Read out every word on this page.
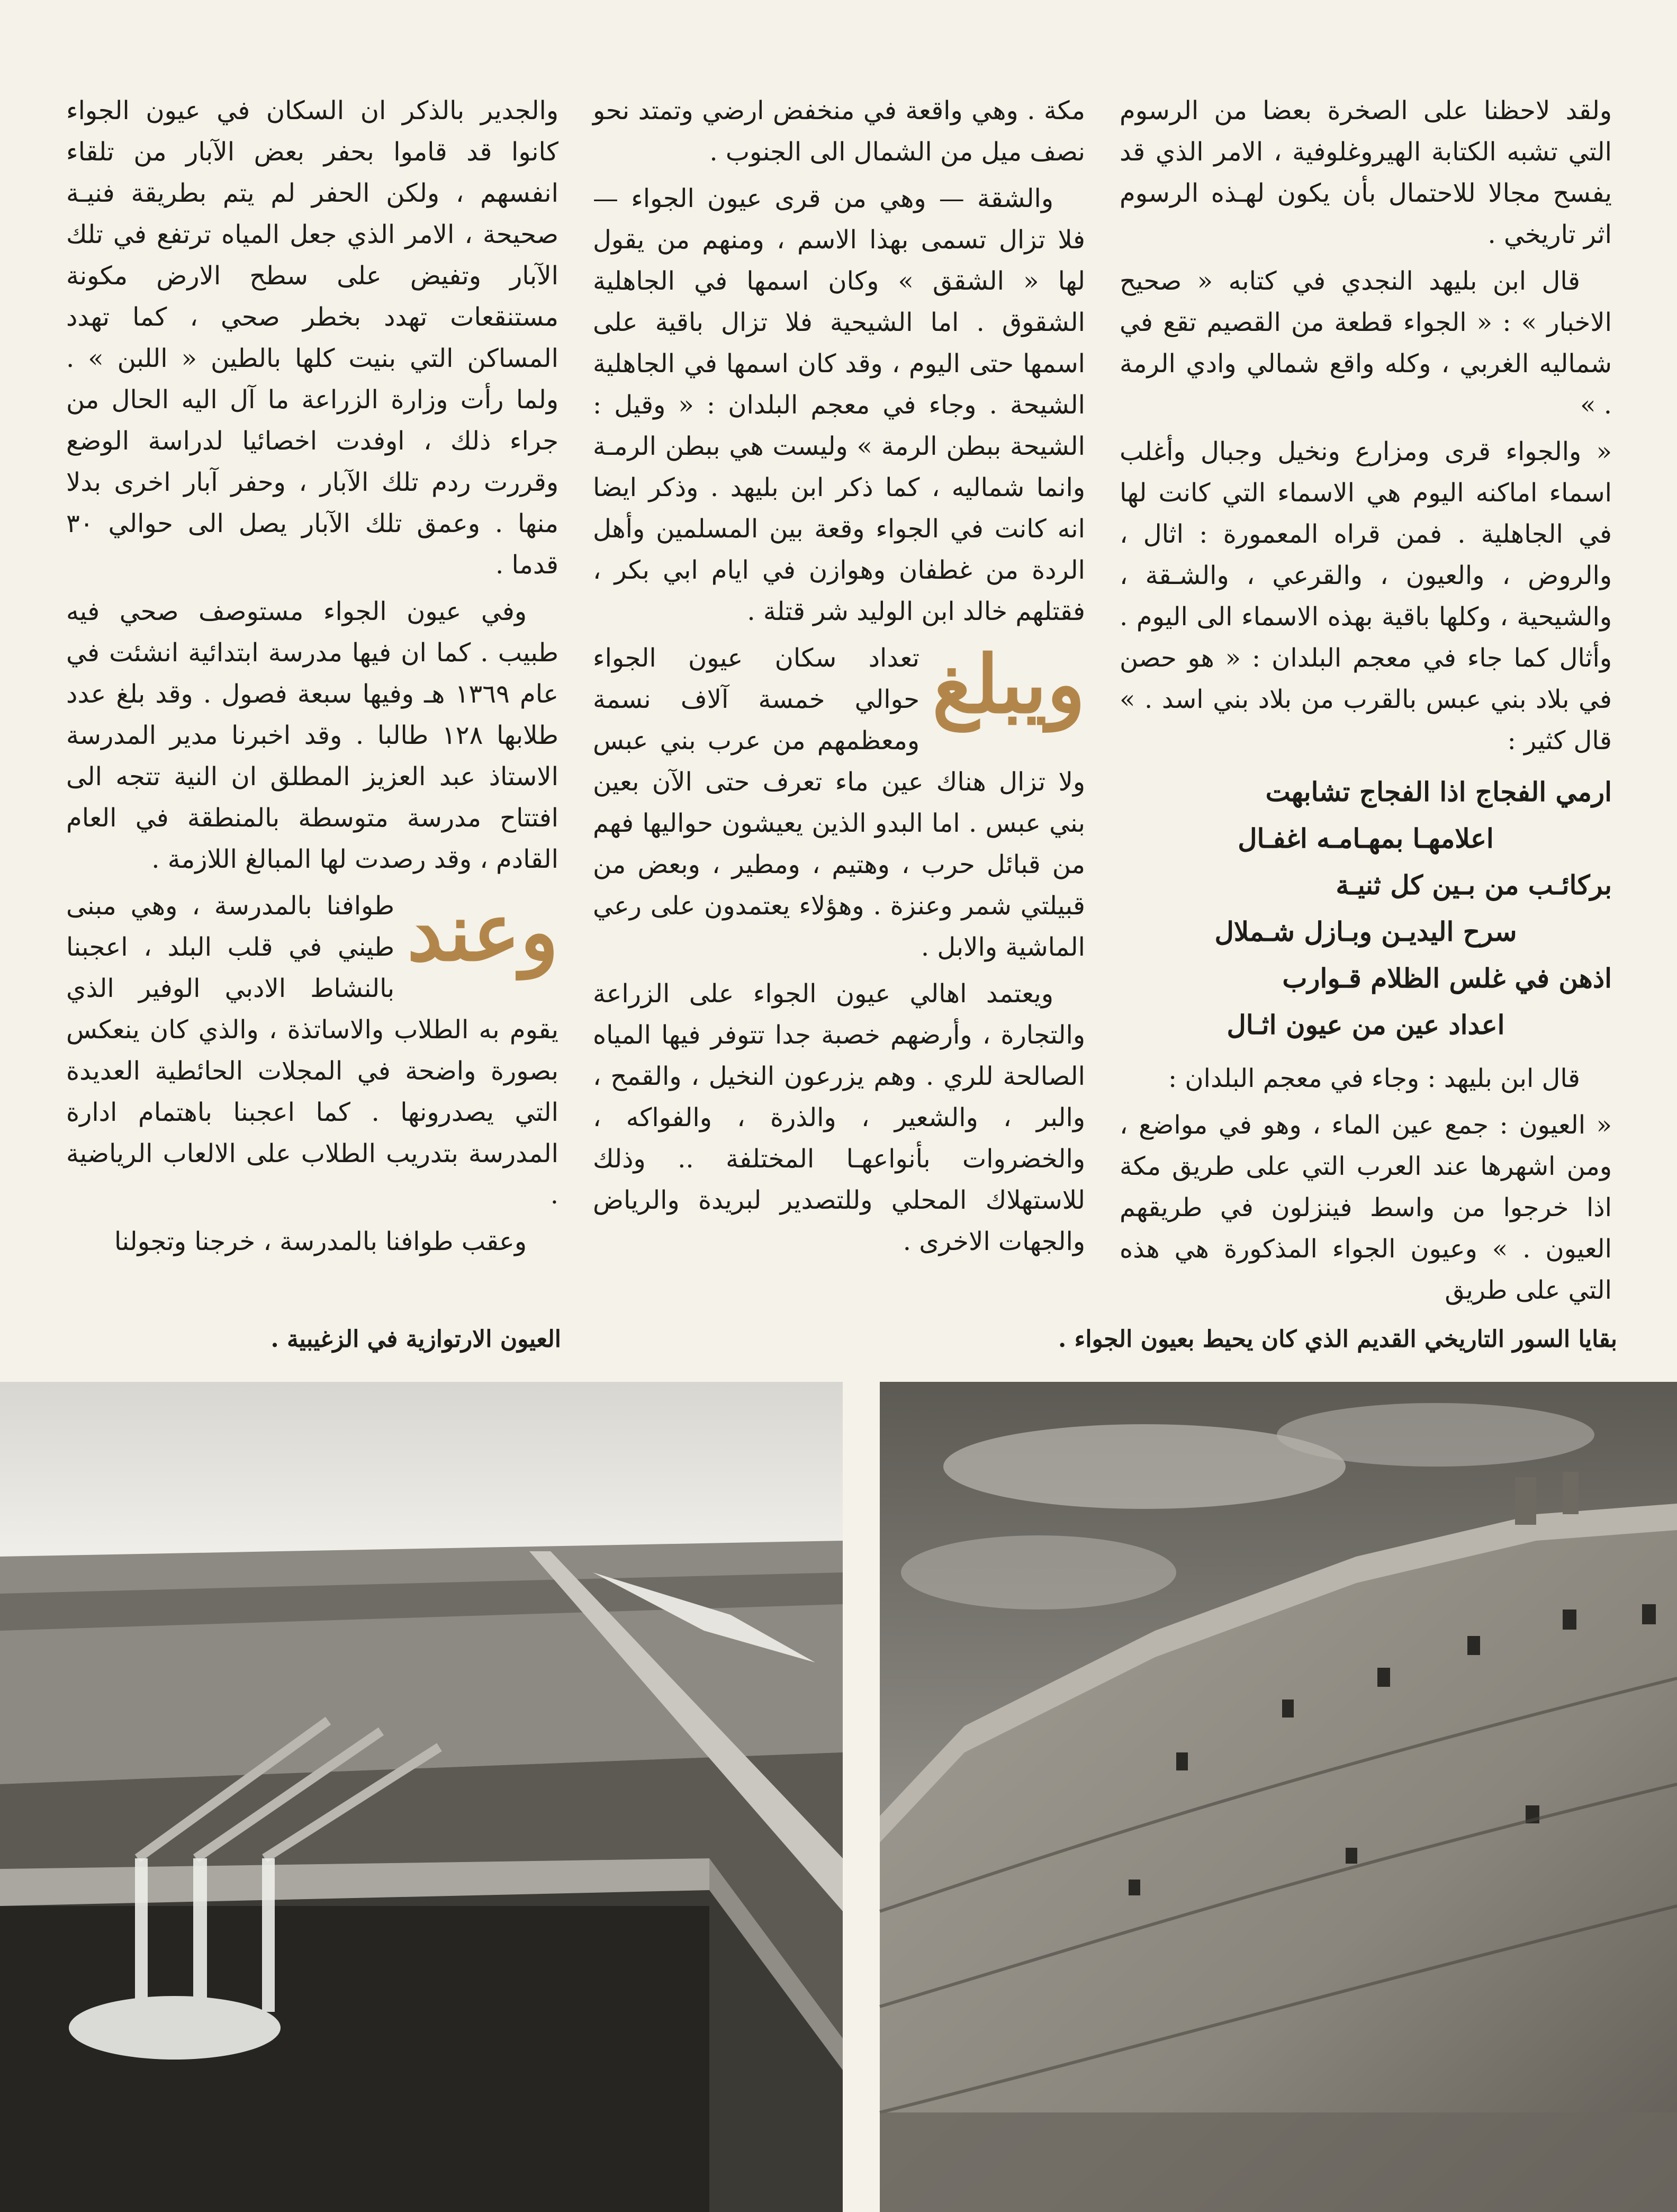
ولقد لاحظنا على الصخرة بعضا من الرسوم التي تشبه الكتابة الهيروغلوفية ، الامر الذي قد يفسح مجالا للاحتمال بأن يكون لهـذه الرسوم اثر تاريخي .

قال ابن بليهد النجدي في كتابه « صحيح الاخبار » : « الجواء قطعة من القصيم تقع في شماليه الغربي ، وكله واقع شمالي وادي الرمة . »

« والجواء قرى ومزارع ونخيل وجبال وأغلب اسماء اماكنه اليوم هي الاسماء التي كانت لها في الجاهلية . فمن قراه المعمورة : اثال ، والروض ، والعيون ، والقرعي ، والشـقة ، والشيحية ، وكلها باقية بهذه الاسماء الى اليوم . وأثال كما جاء في معجم البلدان : « هو حصن في بلاد بني عبس بالقرب من بلاد بني اسد . » قال كثير :

ارمي الفجاج اذا الفجاج تشابهت
اعلامهـا بمهـامـه اغفـال
بركائـب من بـين كل ثنيـة
سرح اليديـن وبـازل شـملال
اذهن في غلس الظلام قـوارب
اعداد عين من عيون اثـال

قال ابن بليهد : وجاء في معجم البلدان :

« العيون : جمع عين الماء ، وهو في مواضع ، ومن اشهرها عند العرب التي على طريق مكة اذا خرجوا من واسط فينزلون في طريقهم العيون . » وعيون الجواء المذكورة هي هذه التي على طريق

مكة . وهي واقعة في منخفض ارضي وتمتد نحو نصف ميل من الشمال الى الجنوب .

والشقة — وهي من قرى عيون الجواء — فلا تزال تسمى بهذا الاسم ، ومنهم من يقول لها « الشقق » وكان اسمها في الجاهلية الشقوق . اما الشيحية فلا تزال باقية على اسمها حتى اليوم ، وقد كان اسمها في الجاهلية الشيحة . وجاء في معجم البلدان : « وقيل : الشيحة ببطن الرمة » وليست هي ببطن الرمـة وانما شماليه ، كما ذكر ابن بليهد . وذكر ايضا انه كانت في الجواء وقعة بين المسلمين وأهل الردة من غطفان وهوازن في ايام ابي بكر ، فقتلهم خالد ابن الوليد شر قتلة .

ويبلغ
تعداد سكان عيون الجواء حوالي خمسة آلاف نسمة ومعظمهم من عرب بني عبس ولا تزال هناك عين ماء تعرف حتى الآن بعين بني عبس . اما البدو الذين يعيشون حواليها فهم من قبائل حرب ، وهتيم ، ومطير ، وبعض من قبيلتي شمر وعنزة . وهؤلاء يعتمدون على رعي الماشية والابل .

ويعتمد اهالي عيون الجواء على الزراعة والتجارة ، وأرضهم خصبة جدا تتوفر فيها المياه الصالحة للري . وهم يزرعون النخيل ، والقمح ، والبر ، والشعير ، والذرة ، والفواكه ، والخضروات بأنواعهـا المختلفة .. وذلك للاستهلاك المحلي وللتصدير لبريدة والرياض والجهات الاخرى .

والجدير بالذكر ان السكان في عيون الجواء كانوا قد قاموا بحفر بعض الآبار من تلقاء انفسهم ، ولكن الحفر لم يتم بطريقة فنيـة صحيحة ، الامر الذي جعل المياه ترتفع في تلك الآبار وتفيض على سطح الارض مكونة مستنقعات تهدد بخطر صحي ، كما تهدد المساكن التي بنيت كلها بالطين « اللبن » . ولما رأت وزارة الزراعة ما آل اليه الحال من جراء ذلك ، اوفدت اخصائيا لدراسة الوضع وقررت ردم تلك الآبار ، وحفر آبار اخرى بدلا منها . وعمق تلك الآبار يصل الى حوالي ٣٠ قدما .

وفي عيون الجواء مستوصف صحي فيه طبيب . كما ان فيها مدرسة ابتدائية انشئت في عام ١٣٦٩ هـ وفيها سبعة فصول . وقد بلغ عدد طلابها ١٢٨ طالبا . وقد اخبرنا مدير المدرسة الاستاذ عبد العزيز المطلق ان النية تتجه الى افتتاح مدرسة متوسطة بالمنطقة في العام القادم ، وقد رصدت لها المبالغ اللازمة .

وعند
طوافنا بالمدرسة ، وهي مبنى طيني في قلب البلد ، اعجبنا بالنشاط الادبي الوفير الذي يقوم به الطلاب والاساتذة ، والذي كان ينعكس بصورة واضحة في المجلات الحائطية العديدة التي يصدرونها . كما اعجبنا باهتمام ادارة المدرسة بتدريب الطلاب على الالعاب الرياضية .

وعقب طوافنا بالمدرسة ، خرجنا وتجولنا

بقايا السور التاريخي القديم الذي كان يحيط بعيون الجواء .
العيون الارتوازية في الزغيبية .
